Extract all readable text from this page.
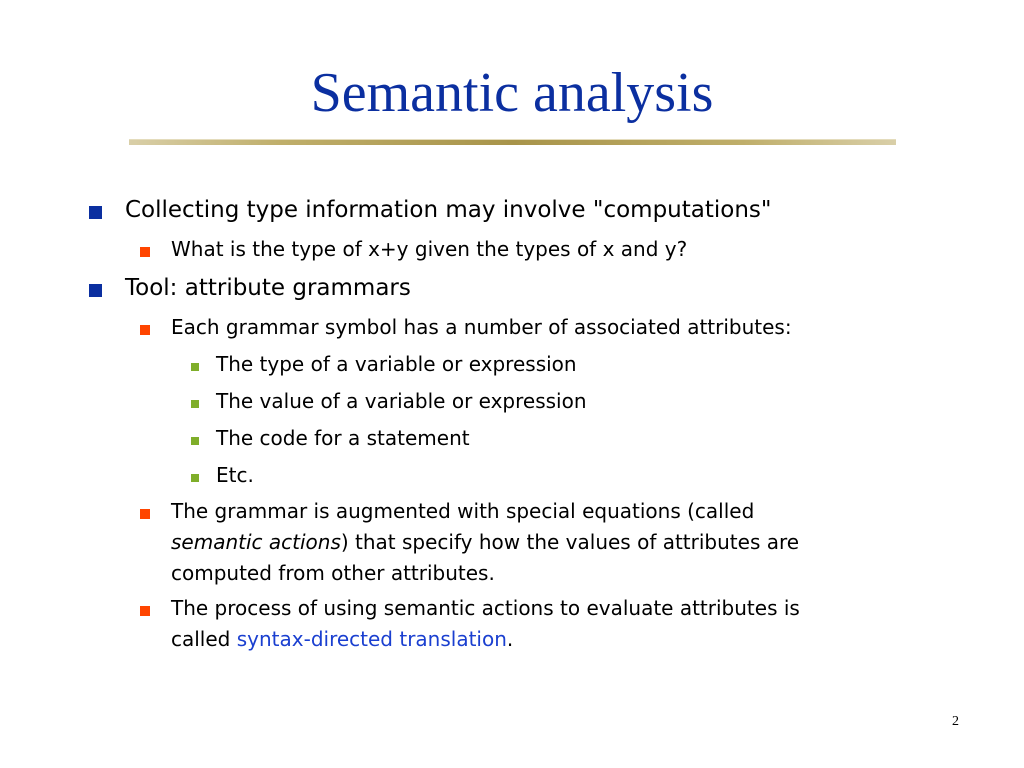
Semantic analysis
Collecting type information may involve "computations"
What is the type of x+y given the types of x and y?
Tool: attribute grammars
Each grammar symbol has a number of associated attributes:
The type of a variable or expression
The value of a variable or expression
The code for a statement
Etc.
The grammar is augmented with special equations (called
semantic actions) that specify how the values of attributes are
computed from other attributes.
The process of using semantic actions to evaluate attributes is
called syntax-directed translation.
2
